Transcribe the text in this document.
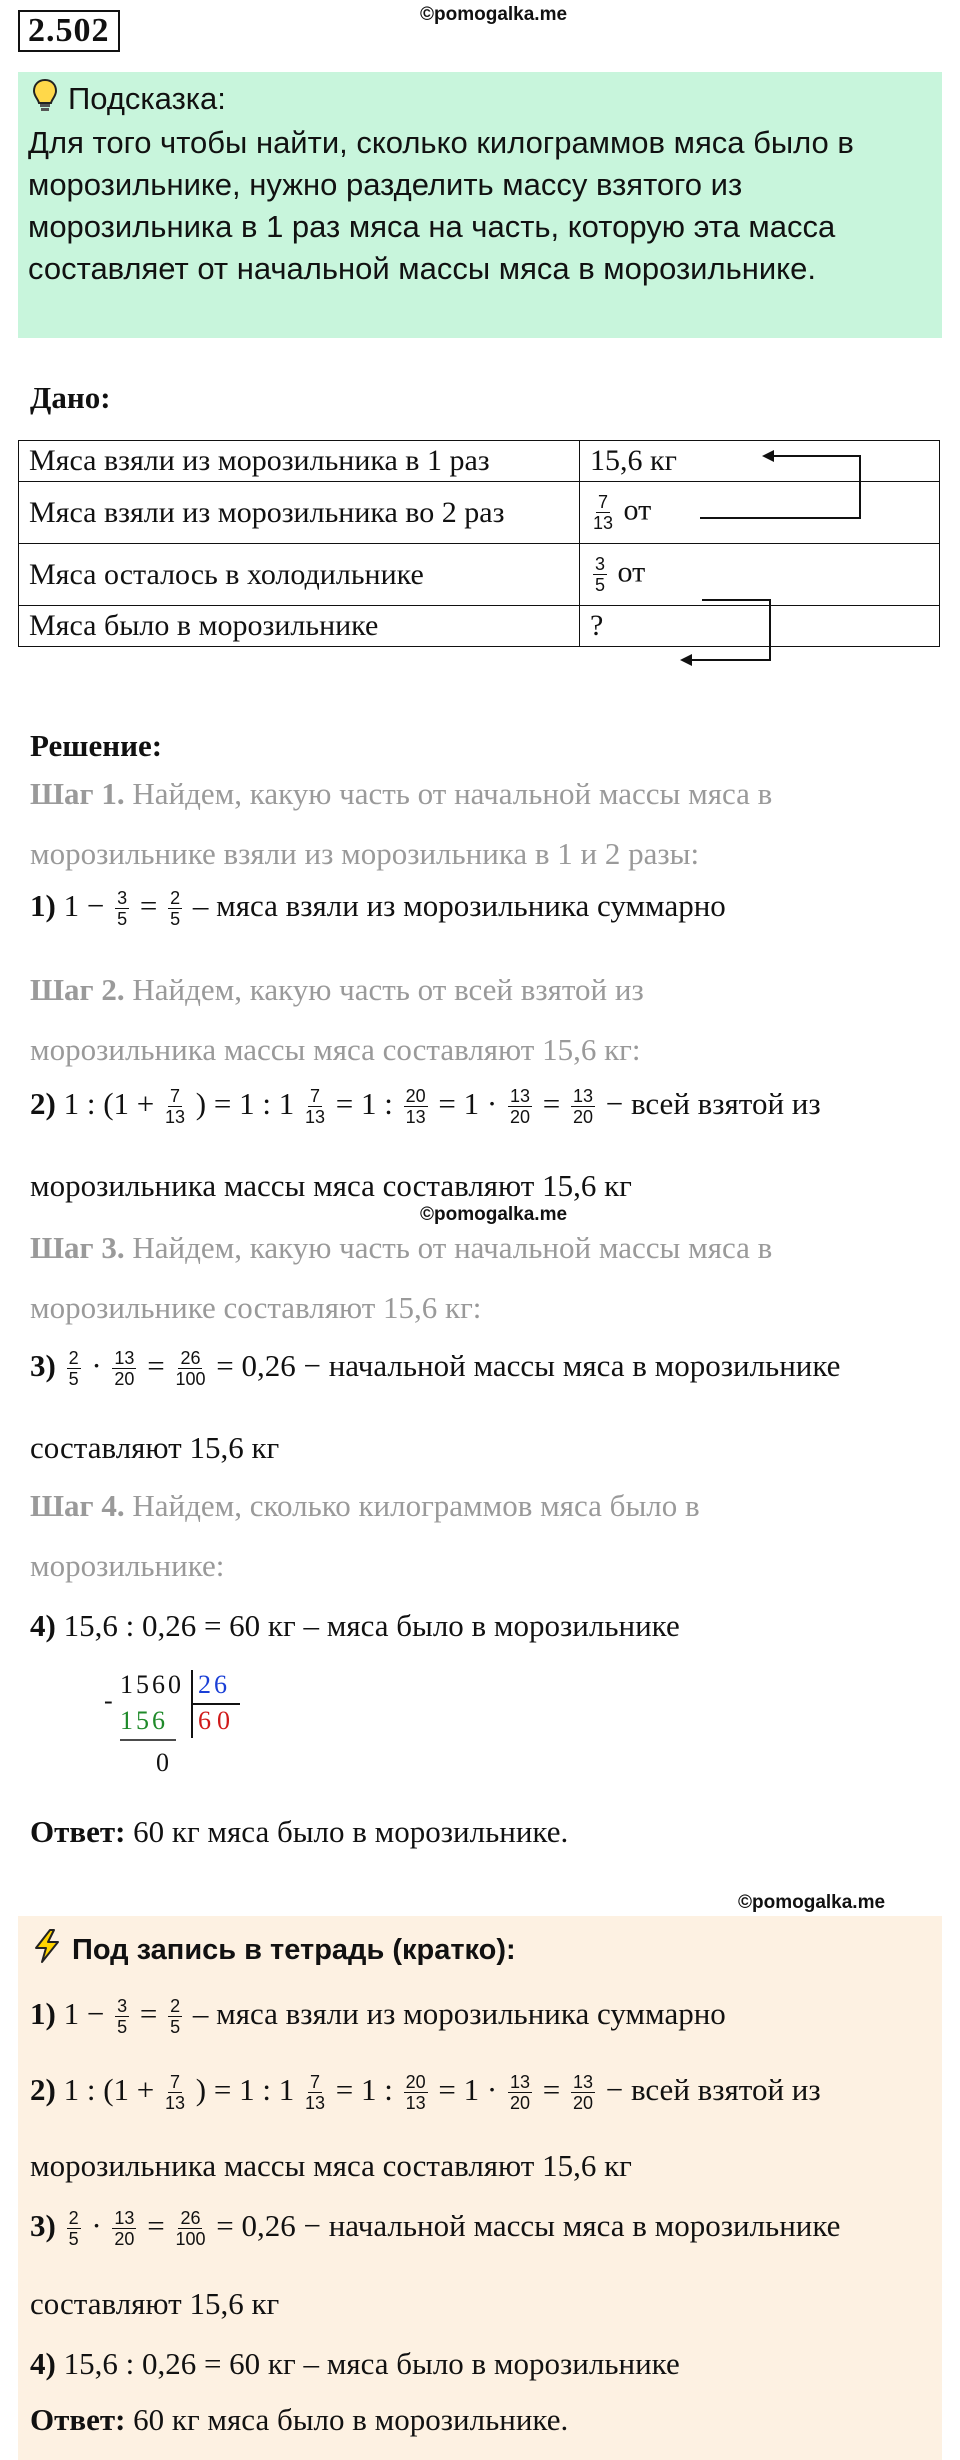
2.502	©pomogalka.me
Подсказка:
Для того чтобы найти, сколько килограммов мяса было в
морозильнике, нужно разделить массу взятого из
морозильника в 1 раз мяса на часть, которую эта масса
составляет от начальной массы мяса в морозильнике.
Дано:
Мяса взяли из морозильника в 1 раз	15,6 кг
Мяса взяли из морозильника во 2 раз	$\frac{7}{13}$ от
Мяса осталось в холодильнике	$\frac{3}{5}$ от
Мяса было в морозильнике	?
Решение:
Шаг 1. Найдем, какую часть от начальной массы мяса в
морозильнике взяли из морозильника в 1 и 2 разы:
1) $1 - \frac{3}{5} = \frac{2}{5}$ – мяса взяли из морозильника суммарно
Шаг 2. Найдем, какую часть от всей взятой из
морозильника массы мяса составляют 15,6 кг:
2) 1 : ($1 + \frac{7}{13}$ ) = 1 : $1 \frac{7}{13} = 1$ : $\frac{20}{13} = 1 \cdot \frac{13}{20} = \frac{13}{20}$ − всей взятой из
морозильника массы мяса составляют 15,6 кг
©pomogalka.me
Шаг 3. Найдем, какую часть от начальной массы мяса в
морозильнике составляют 15,6 кг:
$3) \frac{2}{5} \cdot \frac{13}{20} = \frac{26}{100} = 0,26$ − начальной массы мяса в морозильнике
составляют 15,6 кг
Шаг 4. Найдем, сколько килограммов мяса было в
морозильнике:
4) 15,6 : 0,26 = 60 кг – мяса было в морозильнике
-
1560 26
156 60
0
Ответ: 60 кг мяса было в морозильнике.
©pomogalka.me
Под запись в тетрадь (кратко):
1) $1 - \frac{3}{5} = \frac{2}{5}$ – мяса взяли из морозильника суммарно
2) 1 : ($1 + \frac{7}{13}$ ) = 1 : $1 \frac{7}{13} = 1$ : $\frac{20}{13} = 1 \cdot \frac{13}{20} = \frac{13}{20}$ − всей взятой из
морозильника массы мяса составляют 15,6 кг
$3) \frac{2}{5} \cdot \frac{13}{20} = \frac{26}{100} = 0,26$ − начальной массы мяса в морозильнике
составляют 15,6 кг
4) 15,6 : 0,26 = 60 кг – мяса было в морозильнике
Ответ: 60 кг мяса было в морозильнике.
